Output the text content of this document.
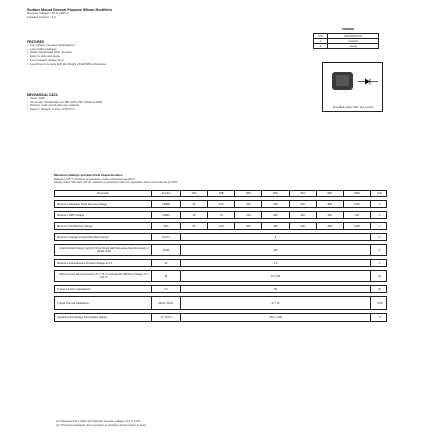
Surface Mount General Purpose Silicon Rectifiers
Reverse Voltage - 50 to 1000 V
Forward Current - 5 A
FEATURES
• For surface mounted applications
• Low profile package
• Glass Passivated Chip Junction
• Easy to pick and place
• Low forward voltage drop
• Lead free in comply with EU RoHS 2011/65/EU directives
MECHANICAL DATA
• Case: SMC
• Terminals: Solderable per MIL-STD-750, Method 2026
• Polarity: Color band denotes cathode
• Approx. Weight: 0.22g / 0.0077oz
PINNING
PIN	DESCRIPTION
1	Cathode
2	Anode
Simplified outline SMC and symbol
Maximum Ratings and Electrical Characteristics
Ratings at 25 °C ambient temperature unless otherwise specified.
Single phase half-wave 60 Hz, resistive or inductive load. For capacitive load current derate by 20%.
Parameter	Symbol	S5A	S5B	S5D	S5G	S5J	S5K	S5M	Unit
Maximum Repetitive Peak Reverse Voltage	VRRM	50	100	200	400	600	800	1000	V
Maximum RMS Voltage	VRMS	35	70	140	280	420	560	700	V
Maximum DC Blocking Voltage	VDC	50	100	200	400	600	800	1000	V
Maximum Average Forward Rectified Current	IF(AV)	5	A
Peak Forward Surge Current 8.3 ms Single Half Sine-wave Superimposed on Rated Load	IFSM	120	A
Maximum Instantaneous Forward Voltage at 5 A	VF	1.0	V
Maximum DC Reverse Current TJ = 25 °C at Rated DC Blocking Voltage TJ = 125 °C	IR	10 / 250	µA
Typical Junction Capacitance	CJ	60	pF
Typical Thermal Resistance	RθJA / RθJL	47 / 15	°C/W
Operating and Storage Temperature Range	TJ, TSTG	-55 to +150	°C
(1) Measured at 1 MHz and applied reverse voltage of 4.0 V DC
(2) Thermal resistance from junction to ambient and junction to lead
